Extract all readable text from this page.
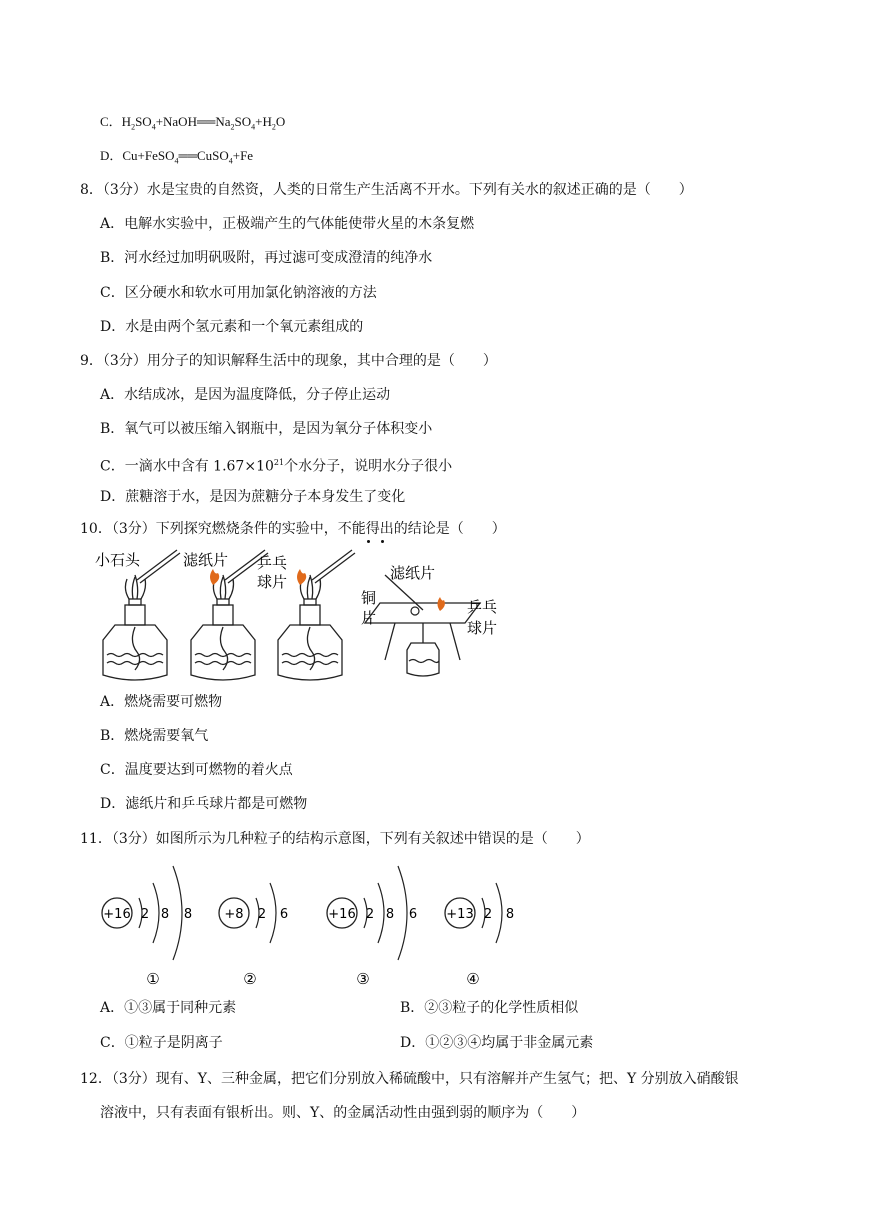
C．$H_2SO_4+NaOH══Na_2SO_4+H_2O$
D．Cu+FeSO$_4$══CuSO$_4$+Fe
8．（3分）水是宝贵的自然资，人类的日常生产生活离不开水。下列有关水的叙述正确的是（　　）
A．电解水实验中，正极端产生的气体能使带火星的木条复燃
B．河水经过加明矾吸附，再过滤可变成澄清的纯净水
C．区分硬水和软水可用加氯化钠溶液的方法
D．水是由两个氢元素和一个氧元素组成的
9．（3分）用分子的知识解释生活中的现象，其中合理的是（　　）
A．水结成冰，是因为温度降低，分子停止运动
B．氧气可以被压缩入钢瓶中，是因为氧分子体积变小
C．一滴水中含有 $1.67\times 10^{21}$个水分子，说明水分子很小
D．蔗糖溶于水，是因为蔗糖分子本身发生了变化
10．（3分）下列探究燃烧条件的实验中，不能得出的结论是（　　）
小石头	滤纸片 乒乓
球片	滤纸片
铜
片
乒乓
球片
A．燃烧需要可燃物
B．燃烧需要氧气
C．温度要达到可燃物的着火点
D．滤纸片和乒乓球片都是可燃物
11．（3分）如图所示为几种粒子的结构示意图，下列有关叙述中错误的是（　　）
+16 2 8 8
①
+8 2 6
②
+16 2 8 6
③
+13 2 8
④
A．①③属于同种元素	B．②③粒子的化学性质相似
C．①粒子是阴离子	D．①②③④均属于非金属元素
12．（3分）现有、Y、三种金属，把它们分别放入稀硫酸中，只有溶解并产生氢气；把、Y 分别放入硝酸银
溶液中，只有表面有银析出。则、Y、的金属活动性由强到弱的顺序为（　　）
